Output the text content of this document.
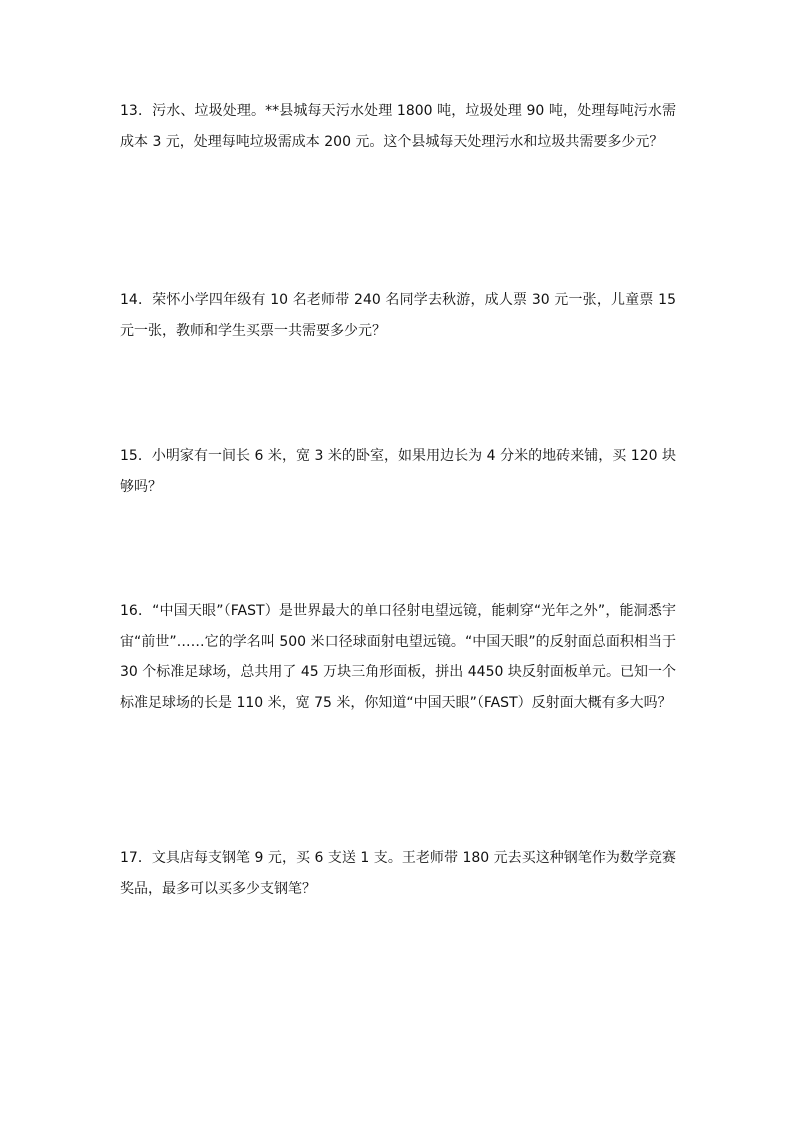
13．污水、垃圾处理。**县城每天污水处理 1800 吨，垃圾处理 90 吨，处理每吨污水需成本 3 元，处理每吨垃圾需成本 200 元。这个县城每天处理污水和垃圾共需要多少元？

14．荣怀小学四年级有 10 名老师带 240 名同学去秋游，成人票 30 元一张，儿童票 15 元一张，教师和学生买票一共需要多少元？

15．小明家有一间长 6 米，宽 3 米的卧室，如果用边长为 4 分米的地砖来铺，买 120 块够吗？

16．“中国天眼”（FAST）是世界最大的单口径射电望远镜，能刺穿“光年之外”，能洞悉宇宙“前世”……它的学名叫 500 米口径球面射电望远镜。“中国天眼”的反射面总面积相当于 30 个标准足球场，总共用了 45 万块三角形面板，拼出 4450 块反射面板单元。已知一个标准足球场的长是 110 米，宽 75 米，你知道“中国天眼”（FAST）反射面大概有多大吗？

17．文具店每支钢笔 9 元，买 6 支送 1 支。王老师带 180 元去买这种钢笔作为数学竞赛奖品，最多可以买多少支钢笔？
